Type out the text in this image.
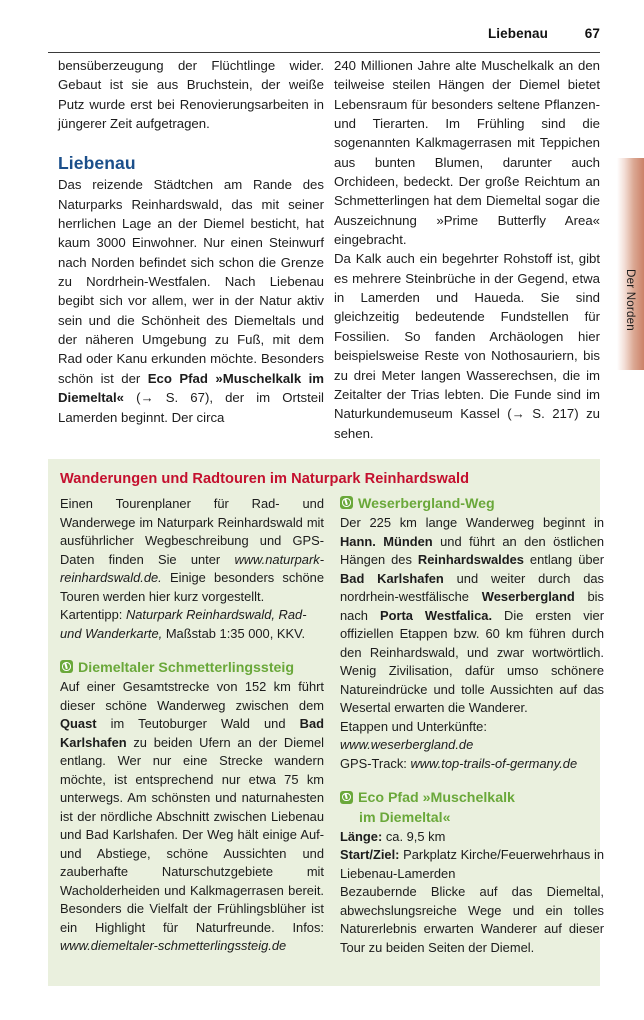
Liebenau	67

bensüberzeugung der Flüchtlinge wider. Gebaut ist sie aus Bruchstein, der weiße Putz wurde erst bei Renovierungsarbeiten in jüngerer Zeit aufgetragen.

Liebenau

Das reizende Städtchen am Rande des Naturparks Reinhardswald, das mit seiner herrlichen Lage an der Diemel besticht, hat kaum 3000 Einwohner. Nur einen Steinwurf nach Norden befindet sich schon die Grenze zu Nordrhein-Westfalen. Nach Liebenau begibt sich vor allem, wer in der Natur aktiv sein und die Schönheit des Diemeltals und der näheren Umgebung zu Fuß, mit dem Rad oder Kanu erkunden möchte. Besonders schön ist der Eco Pfad »Muschelkalk im Diemeltal« (→ S. 67), der im Ortsteil Lamerden beginnt. Der circa

240 Millionen Jahre alte Muschelkalk an den teilweise steilen Hängen der Diemel bietet Lebensraum für besonders seltene Pflanzen- und Tierarten. Im Frühling sind die sogenannten Kalkmagerrasen mit Teppichen aus bunten Blumen, darunter auch Orchideen, bedeckt. Der große Reichtum an Schmetterlingen hat dem Diemeltal sogar die Auszeichnung »Prime Butterfly Area« eingebracht.

Da Kalk auch ein begehrter Rohstoff ist, gibt es mehrere Steinbrüche in der Gegend, etwa in Lamerden und Haueda. Sie sind gleichzeitig bedeutende Fundstellen für Fossilien. So fanden Archäologen hier beispielsweise Reste von Nothosauriern, bis zu drei Meter langen Wasserechsen, die im Zeitalter der Trias lebten. Die Funde sind im Naturkundemuseum Kassel (→ S. 217) zu sehen.

Wanderungen und Radtouren im Naturpark Reinhardswald

Einen Tourenplaner für Rad- und Wanderwege im Naturpark Reinhardswald mit ausführlicher Wegbeschreibung und GPS-Daten finden Sie unter www.naturpark-reinhardswald.de. Einige besonders schöne Touren werden hier kurz vorgestellt.

Kartentipp: Naturpark Reinhardswald, Rad- und Wanderkarte, Maßstab 1:35 000, KKV.

Diemeltaler Schmetterlingssteig

Auf einer Gesamtstrecke von 152 km führt dieser schöne Wanderweg zwischen dem Quast im Teutoburger Wald und Bad Karlshafen zu beiden Ufern an der Diemel entlang. Wer nur eine Strecke wandern möchte, ist entsprechend nur etwa 75 km unterwegs. Am schönsten und naturnahesten ist der nördliche Abschnitt zwischen Liebenau und Bad Karlshafen. Der Weg hält einige Auf- und Abstiege, schöne Aussichten und zauberhafte Naturschutzgebiete mit Wacholderheiden und Kalkmagerrasen bereit. Besonders die Vielfalt der Frühlingsblüher ist ein Highlight für Naturfreunde. Infos: www.diemeltaler-schmetterlingssteig.de

Weserbergland-Weg

Der 225 km lange Wanderweg beginnt in Hann. Münden und führt an den östlichen Hängen des Reinhardswaldes entlang über Bad Karlshafen und weiter durch das nordrhein-westfälische Weserbergland bis nach Porta Westfalica. Die ersten vier offiziellen Etappen bzw. 60 km führen durch den Reinhardswald, und zwar wortwörtlich. Wenig Zivilisation, dafür umso schönere Natureindrücke und tolle Aussichten auf das Wesertal erwarten die Wanderer.

Etappen und Unterkünfte: www.weserbergland.de

GPS-Track: www.top-trails-of-germany.de

Eco Pfad »Muschelkalk
im Diemeltal«

Länge: ca. 9,5 km

Start/Ziel: Parkplatz Kirche/Feuerwehrhaus in Liebenau-Lamerden

Bezaubernde Blicke auf das Diemeltal, abwechslungsreiche Wege und ein tolles Naturerlebnis erwarten Wanderer auf dieser Tour zu beiden Seiten der Diemel.

Der Norden
